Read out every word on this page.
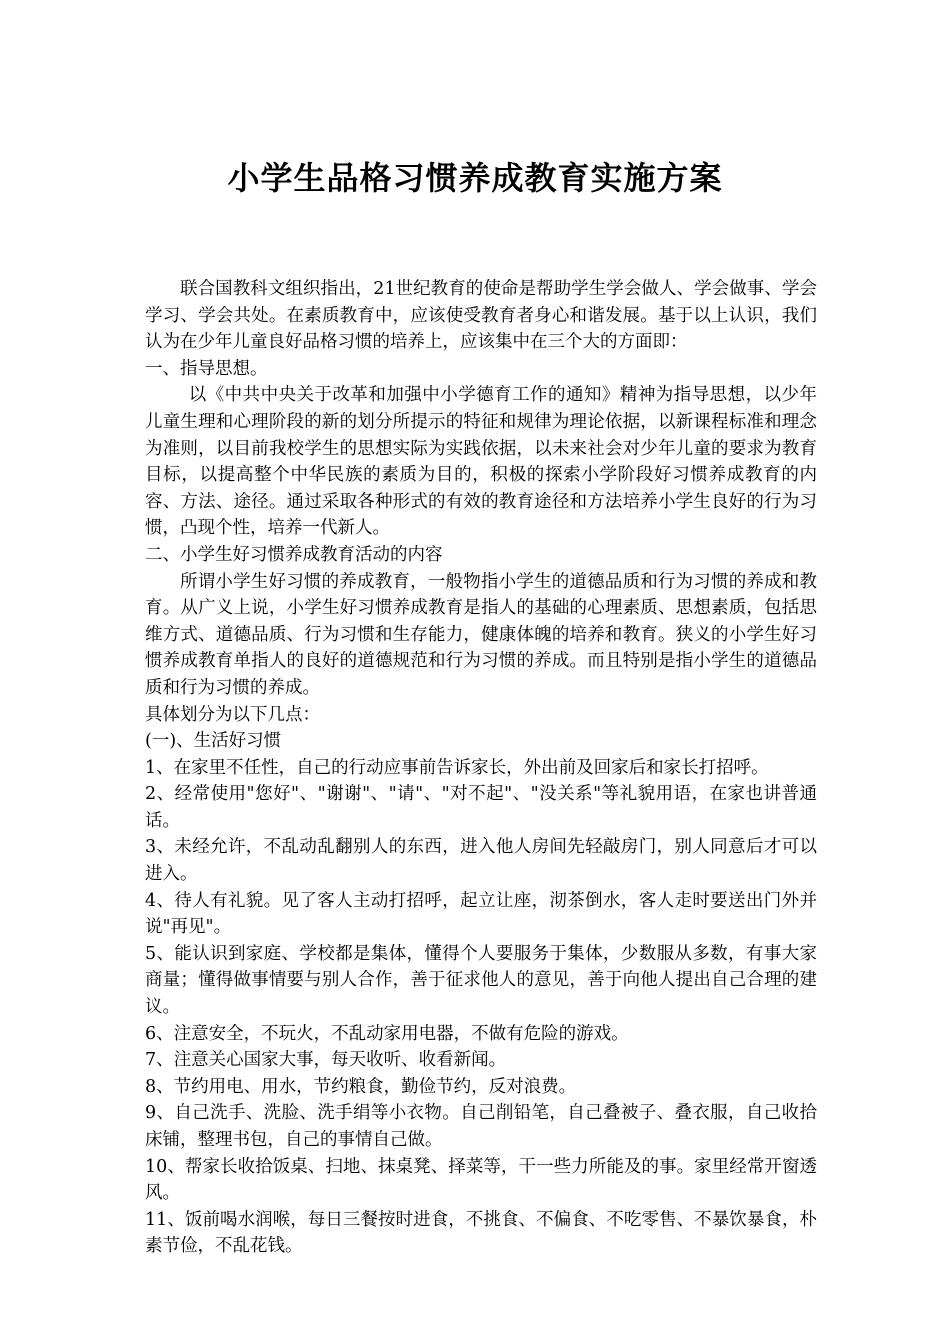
小学生品格习惯养成教育实施方案

联合国教科文组织指出，21世纪教育的使命是帮助学生学会做人、学会做事、学会学习、学会共处。在素质教育中，应该使受教育者身心和谐发展。基于以上认识，我们认为在少年儿童良好品格习惯的培养上，应该集中在三个大的方面即：

一、指导思想。

以《中共中央关于改革和加强中小学德育工作的通知》精神为指导思想，以少年儿童生理和心理阶段的新的划分所提示的特征和规律为理论依据，以新课程标准和理念为准则，以目前我校学生的思想实际为实践依据，以未来社会对少年儿童的要求为教育目标，以提高整个中华民族的素质为目的，积极的探索小学阶段好习惯养成教育的内容、方法、途径。通过采取各种形式的有效的教育途径和方法培养小学生良好的行为习惯，凸现个性，培养一代新人。

二、小学生好习惯养成教育活动的内容

所谓小学生好习惯的养成教育，一般物指小学生的道德品质和行为习惯的养成和教育。从广义上说，小学生好习惯养成教育是指人的基础的心理素质、思想素质，包括思维方式、道德品质、行为习惯和生存能力，健康体魄的培养和教育。狭义的小学生好习惯养成教育单指人的良好的道德规范和行为习惯的养成。而且特别是指小学生的道德品质和行为习惯的养成。

具体划分为以下几点：

(一)、生活好习惯

1、在家里不任性，自己的行动应事前告诉家长，外出前及回家后和家长打招呼。

2、经常使用"您好"、"谢谢"、"请"、"对不起"、"没关系"等礼貌用语，在家也讲普通话。

3、未经允许，不乱动乱翻别人的东西，进入他人房间先轻敲房门，别人同意后才可以进入。

4、待人有礼貌。见了客人主动打招呼，起立让座，沏茶倒水，客人走时要送出门外并说"再见"。

5、能认识到家庭、学校都是集体，懂得个人要服务于集体，少数服从多数，有事大家商量；懂得做事情要与别人合作，善于征求他人的意见，善于向他人提出自己合理的建议。

6、注意安全，不玩火，不乱动家用电器，不做有危险的游戏。

7、注意关心国家大事，每天收听、收看新闻。

8、节约用电、用水，节约粮食，勤俭节约，反对浪费。

9、自己洗手、洗脸、洗手绢等小衣物。自己削铅笔，自己叠被子、叠衣服，自己收拾床铺，整理书包，自己的事情自己做。

10、帮家长收拾饭桌、扫地、抹桌凳、择菜等，干一些力所能及的事。家里经常开窗透风。

11、饭前喝水润喉，每日三餐按时进食，不挑食、不偏食、不吃零售、不暴饮暴食，朴素节俭，不乱花钱。
